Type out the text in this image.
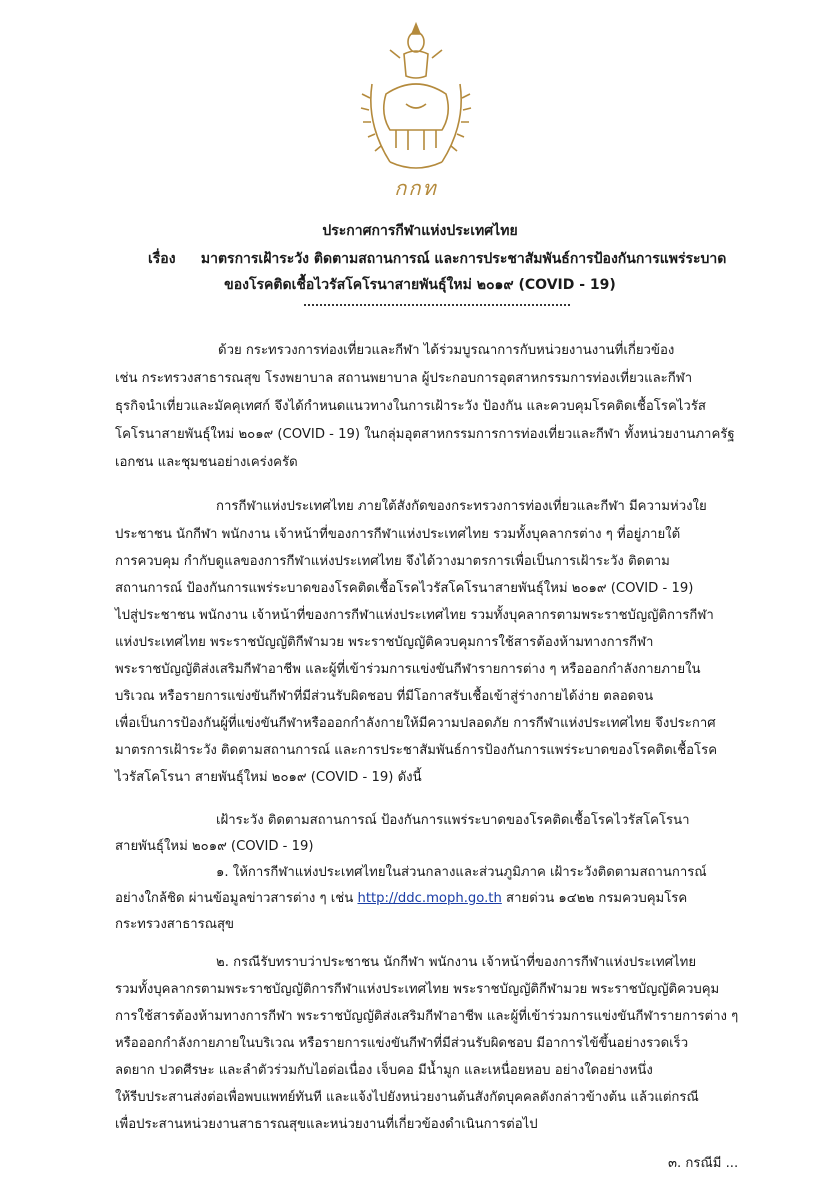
กกท
ประกาศการกีฬาแห่งประเทศไทย
เรื่อง มาตรการเฝ้าระวัง ติดตามสถานการณ์ และการประชาสัมพันธ์การป้องกันการแพร่ระบาด
ของโรคติดเชื้อไวรัสโคโรนาสายพันธุ์ใหม่ ๒๐๑๙ (COVID - 19)
ด้วย กระทรวงการท่องเที่ยวและกีฬา ได้ร่วมบูรณาการกับหน่วยงานงานที่เกี่ยวข้อง
เช่น กระทรวงสาธารณสุข โรงพยาบาล สถานพยาบาล ผู้ประกอบการอุตสาหกรรมการท่องเที่ยวและกีฬา
ธุรกิจนำเที่ยวและมัคคุเทศก์ จึงได้กำหนดแนวทางในการเฝ้าระวัง ป้องกัน และควบคุมโรคติดเชื้อโรคไวรัส
โคโรนาสายพันธุ์ใหม่ ๒๐๑๙ (COVID - 19) ในกลุ่มอุตสาหกรรมการการท่องเที่ยวและกีฬา ทั้งหน่วยงานภาครัฐ
เอกชน และชุมชนอย่างเคร่งครัด
การกีฬาแห่งประเทศไทย ภายใต้สังกัดของกระทรวงการท่องเที่ยวและกีฬา มีความห่วงใย
ประชาชน นักกีฬา พนักงาน เจ้าหน้าที่ของการกีฬาแห่งประเทศไทย รวมทั้งบุคลากรต่าง ๆ ที่อยู่ภายใต้
การควบคุม กำกับดูแลของการกีฬาแห่งประเทศไทย จึงได้วางมาตรการเพื่อเป็นการเฝ้าระวัง ติดตาม
สถานการณ์ ป้องกันการแพร่ระบาดของโรคติดเชื้อโรคไวรัสโคโรนาสายพันธุ์ใหม่ ๒๐๑๙ (COVID - 19)
ไปสู่ประชาชน พนักงาน เจ้าหน้าที่ของการกีฬาแห่งประเทศไทย รวมทั้งบุคลากรตามพระราชบัญญัติการกีฬา
แห่งประเทศไทย พระราชบัญญัติกีฬามวย พระราชบัญญัติควบคุมการใช้สารต้องห้ามทางการกีฬา
พระราชบัญญัติส่งเสริมกีฬาอาชีพ และผู้ที่เข้าร่วมการแข่งขันกีฬารายการต่าง ๆ หรือออกกำลังกายภายใน
บริเวณ หรือรายการแข่งขันกีฬาที่มีส่วนรับผิดชอบ ที่มีโอกาสรับเชื้อเข้าสู่ร่างกายได้ง่าย ตลอดจน
เพื่อเป็นการป้องกันผู้ที่แข่งขันกีฬาหรือออกกำลังกายให้มีความปลอดภัย การกีฬาแห่งประเทศไทย จึงประกาศ
มาตรการเฝ้าระวัง ติดตามสถานการณ์ และการประชาสัมพันธ์การป้องกันการแพร่ระบาดของโรคติดเชื้อโรค
ไวรัสโคโรนา สายพันธุ์ใหม่ ๒๐๑๙ (COVID - 19) ดังนี้
เฝ้าระวัง ติดตามสถานการณ์ ป้องกันการแพร่ระบาดของโรคติดเชื้อโรคไวรัสโคโรนา
สายพันธุ์ใหม่ ๒๐๑๙ (COVID - 19)
๑. ให้การกีฬาแห่งประเทศไทยในส่วนกลางและส่วนภูมิภาค เฝ้าระวังติดตามสถานการณ์
อย่างใกล้ชิด ผ่านข้อมูลข่าวสารต่าง ๆ เช่น http://ddc.moph.go.th สายด่วน ๑๔๒๒ กรมควบคุมโรค
กระทรวงสาธารณสุข
๒. กรณีรับทราบว่าประชาชน นักกีฬา พนักงาน เจ้าหน้าที่ของการกีฬาแห่งประเทศไทย
รวมทั้งบุคลากรตามพระราชบัญญัติการกีฬาแห่งประเทศไทย พระราชบัญญัติกีฬามวย พระราชบัญญัติควบคุม
การใช้สารต้องห้ามทางการกีฬา พระราชบัญญัติส่งเสริมกีฬาอาชีพ และผู้ที่เข้าร่วมการแข่งขันกีฬารายการต่าง ๆ
หรือออกกำลังกายภายในบริเวณ หรือรายการแข่งขันกีฬาที่มีส่วนรับผิดชอบ มีอาการไข้ขึ้นอย่างรวดเร็ว
ลดยาก ปวดศีรษะ และลำตัวร่วมกับไอต่อเนื่อง เจ็บคอ มีน้ำมูก และเหนื่อยหอบ อย่างใดอย่างหนึ่ง
ให้รีบประสานส่งต่อเพื่อพบแพทย์ทันที และแจ้งไปยังหน่วยงานต้นสังกัดบุคคลดังกล่าวข้างต้น แล้วแต่กรณี
เพื่อประสานหน่วยงานสาธารณสุขและหน่วยงานที่เกี่ยวข้องดำเนินการต่อไป
๓. กรณีมี ...
